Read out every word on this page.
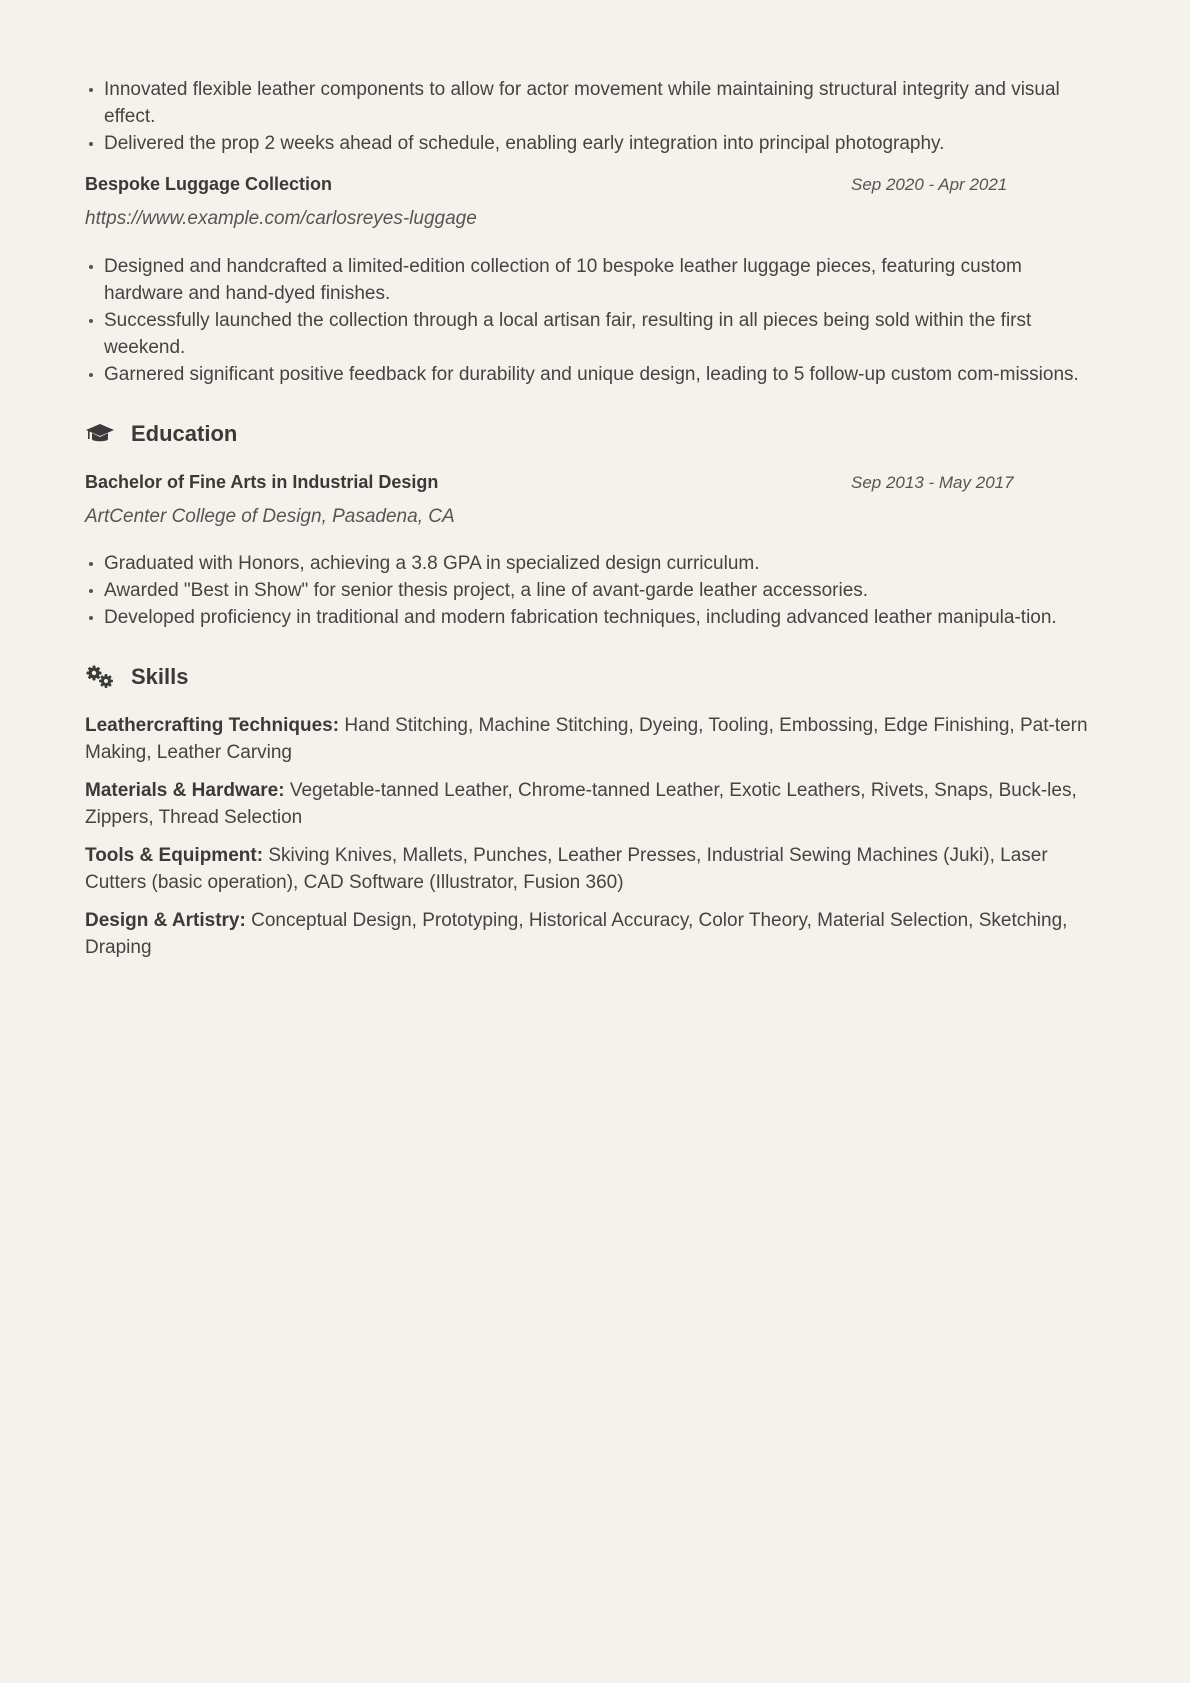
Innovated flexible leather components to allow for actor movement while maintaining structural integrity and visual effect.
Delivered the prop 2 weeks ahead of schedule, enabling early integration into principal photography.
Bespoke Luggage Collection	Sep 2020 - Apr 2021
https://www.example.com/carlosreyes-luggage
Designed and handcrafted a limited-edition collection of 10 bespoke leather luggage pieces, featuring custom hardware and hand-dyed finishes.
Successfully launched the collection through a local artisan fair, resulting in all pieces being sold within the first weekend.
Garnered significant positive feedback for durability and unique design, leading to 5 follow-up custom com-missions.
Education
Bachelor of Fine Arts in Industrial Design	Sep 2013 - May 2017
ArtCenter College of Design, Pasadena, CA
Graduated with Honors, achieving a 3.8 GPA in specialized design curriculum.
Awarded "Best in Show" for senior thesis project, a line of avant-garde leather accessories.
Developed proficiency in traditional and modern fabrication techniques, including advanced leather manipula-tion.
Skills
Leathercrafting Techniques: Hand Stitching, Machine Stitching, Dyeing, Tooling, Embossing, Edge Finishing, Pat-tern Making, Leather Carving
Materials & Hardware: Vegetable-tanned Leather, Chrome-tanned Leather, Exotic Leathers, Rivets, Snaps, Buck-les, Zippers, Thread Selection
Tools & Equipment: Skiving Knives, Mallets, Punches, Leather Presses, Industrial Sewing Machines (Juki), Laser Cutters (basic operation), CAD Software (Illustrator, Fusion 360)
Design & Artistry: Conceptual Design, Prototyping, Historical Accuracy, Color Theory, Material Selection, Sketching, Draping
